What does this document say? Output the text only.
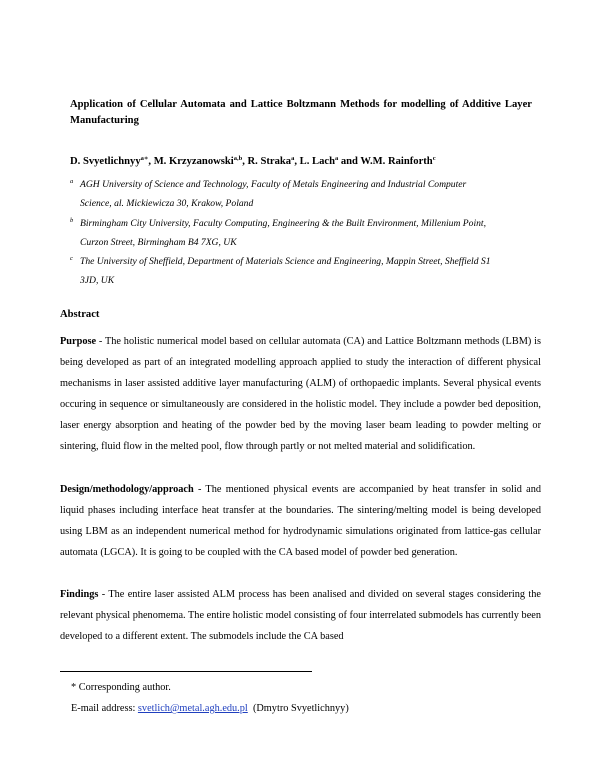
Application of Cellular Automata and Lattice Boltzmann Methods for modelling of Additive Layer Manufacturing
D. Svyetlichnyy$^{a∗}$, M. Krzyzanowski$^{a,b}$, R. Straka$^a$, L. Lach$^a$ and W.M. Rainforth$^c$
a AGH University of Science and Technology, Faculty of Metals Engineering and Industrial Computer Science, al. Mickiewicza 30, Krakow, Poland
b Birmingham City University, Faculty Computing, Engineering & the Built Environment, Millenium Point, Curzon Street, Birmingham B4 7XG, UK
c The University of Sheffield, Department of Materials Science and Engineering, Mappin Street, Sheffield S1 3JD, UK
Abstract
Purpose - The holistic numerical model based on cellular automata (CA) and Lattice Boltzmann methods (LBM) is being developed as part of an integrated modelling approach applied to study the interaction of different physical mechanisms in laser assisted additive layer manufacturing (ALM) of orthopaedic implants. Several physical events occuring in sequence or simultaneously are considered in the holistic model. They include a powder bed deposition, laser energy absorption and heating of the powder bed by the moving laser beam leading to powder melting or sintering, fluid flow in the melted pool, flow through partly or not melted material and solidification.
Design/methodology/approach - The mentioned physical events are accompanied by heat transfer in solid and liquid phases including interface heat transfer at the boundaries. The sintering/melting model is being developed using LBM as an independent numerical method for hydrodynamic simulations originated from lattice-gas cellular automata (LGCA). It is going to be coupled with the CA based model of powder bed generation.
Findings - The entire laser assisted ALM process has been analised and divided on several stages considering the relevant physical phenomema. The entire holistic model consisting of four interrelated submodels has currently been developed to a different extent. The submodels include the CA based
* Corresponding author.
E-mail address: svetlich@metal.agh.edu.pl (Dmytro Svyetlichnyy)
